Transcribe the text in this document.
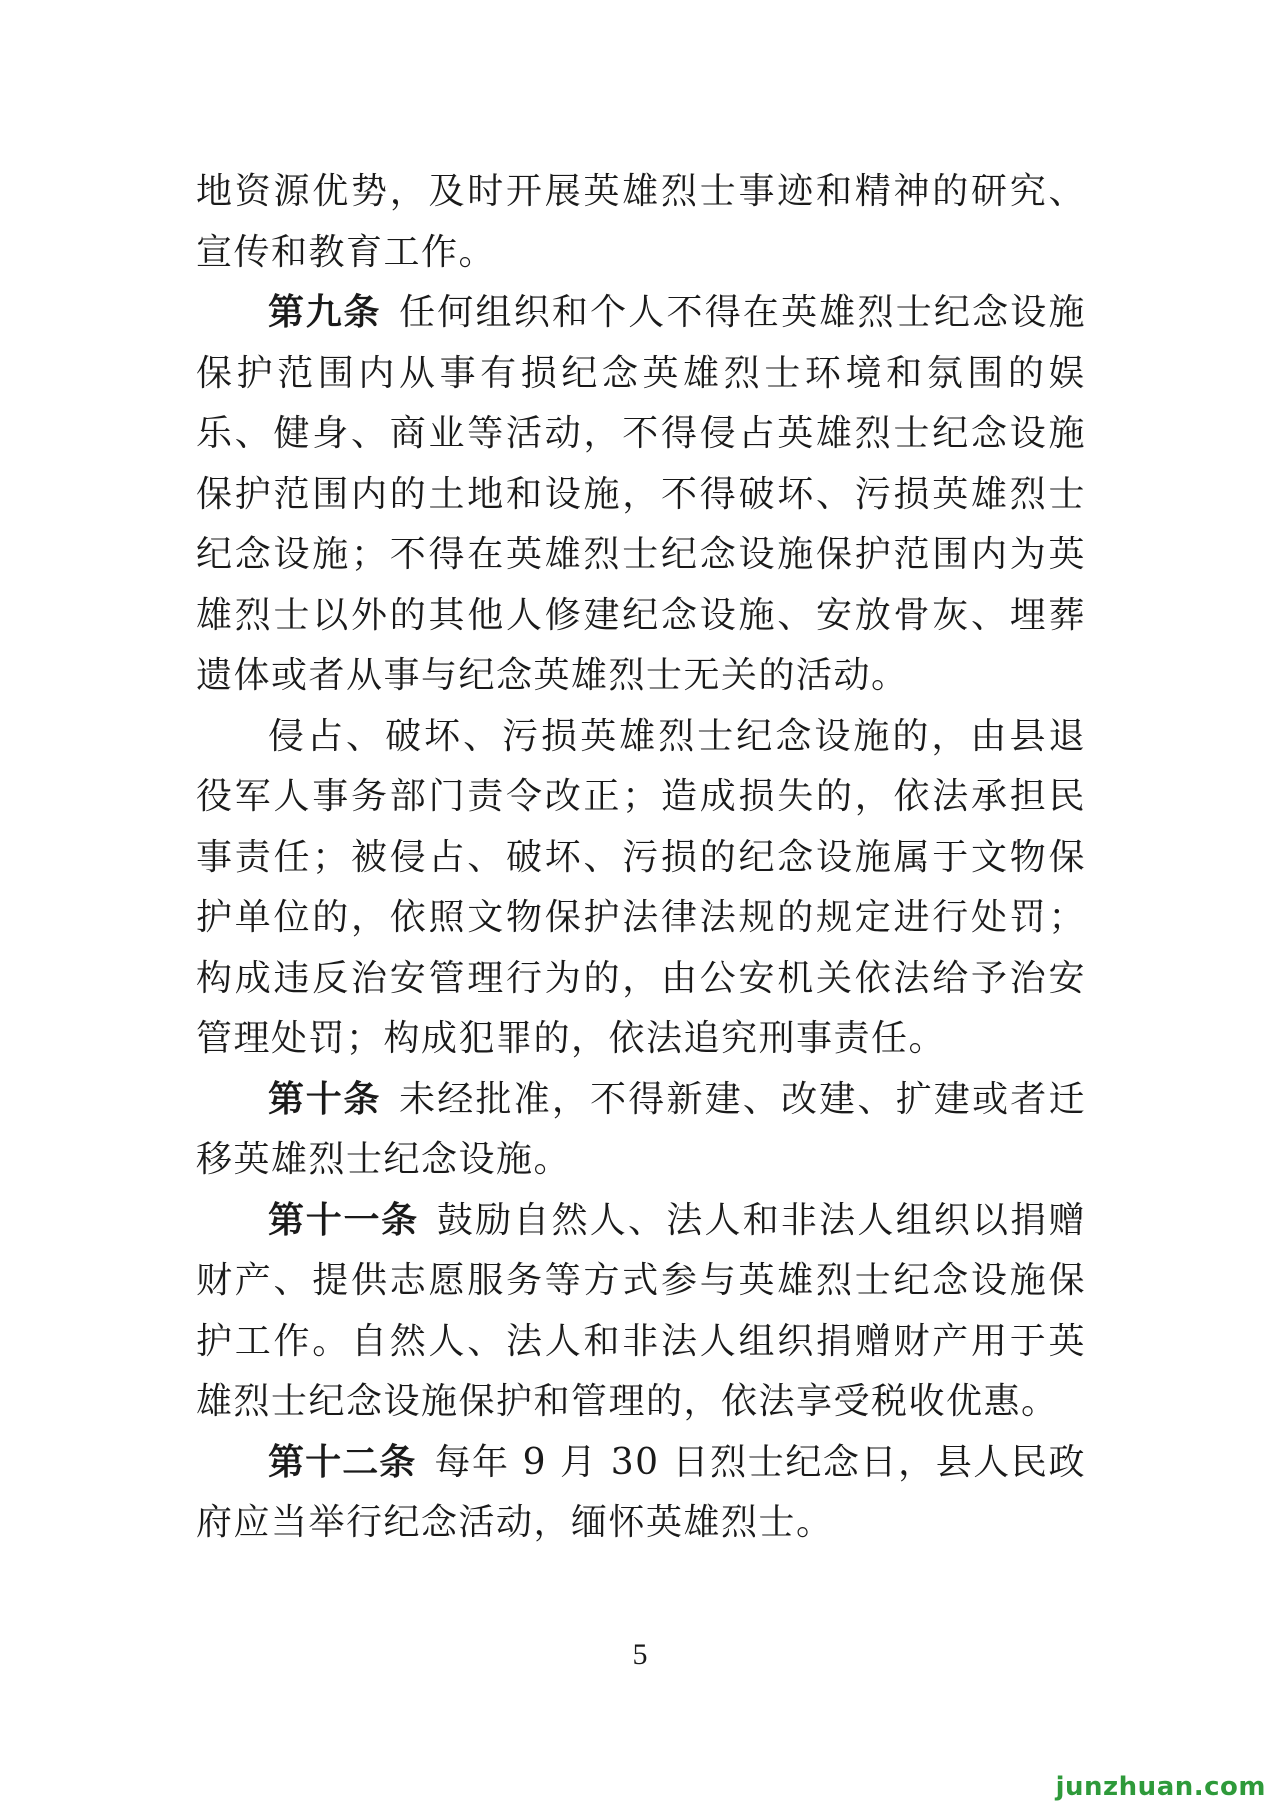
地资源优势，及时开展英雄烈士事迹和精神的研究、宣传和教育工作。

第九条 任何组织和个人不得在英雄烈士纪念设施保护范围内从事有损纪念英雄烈士环境和氛围的娱乐、健身、商业等活动，不得侵占英雄烈士纪念设施保护范围内的土地和设施，不得破坏、污损英雄烈士纪念设施；不得在英雄烈士纪念设施保护范围内为英雄烈士以外的其他人修建纪念设施、安放骨灰、埋葬遗体或者从事与纪念英雄烈士无关的活动。

侵占、破坏、污损英雄烈士纪念设施的，由县退役军人事务部门责令改正；造成损失的，依法承担民事责任；被侵占、破坏、污损的纪念设施属于文物保护单位的，依照文物保护法律法规的规定进行处罚；构成违反治安管理行为的，由公安机关依法给予治安管理处罚；构成犯罪的，依法追究刑事责任。

第十条 未经批准，不得新建、改建、扩建或者迁移英雄烈士纪念设施。

第十一条 鼓励自然人、法人和非法人组织以捐赠财产、提供志愿服务等方式参与英雄烈士纪念设施保护工作。自然人、法人和非法人组织捐赠财产用于英雄烈士纪念设施保护和管理的，依法享受税收优惠。

第十二条 每年 9 月 30 日烈士纪念日，县人民政府应当举行纪念活动，缅怀英雄烈士。

5
junzhuan.com
